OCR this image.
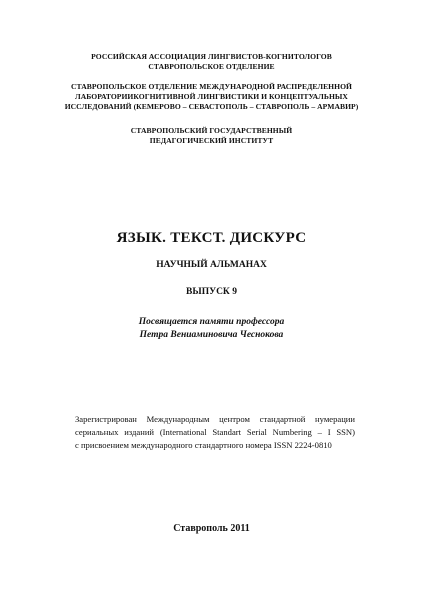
РОССИЙСКАЯ АССОЦИАЦИЯ ЛИНГВИСТОВ-КОГНИТОЛОГОВ
СТАВРОПОЛЬСКОЕ ОТДЕЛЕНИЕ
СТАВРОПОЛЬСКОЕ ОТДЕЛЕНИЕ МЕЖДУНАРОДНОЙ РАСПРЕДЕЛЕННОЙ
ЛАБОРАТОРИИКОГНИТИВНОЙ ЛИНГВИСТИКИ И КОНЦЕПТУАЛЬНЫХ
ИССЛЕДОВАНИЙ (КЕМЕРОВО – СЕВАСТОПОЛЬ – СТАВРОПОЛЬ – АРМАВИР)
СТАВРОПОЛЬСКИЙ ГОСУДАРСТВЕННЫЙ
ПЕДАГОГИЧЕСКИЙ ИНСТИТУТ
ЯЗЫК. ТЕКСТ. ДИСКУРС
НАУЧНЫЙ АЛЬМАНАХ
ВЫПУСК 9
Посвящается памяти профессора
Петра Вениаминовича Чеснокова
Зарегистрирован Международным центром стандартной нумерации
сериальных изданий (International Standart Serial Numbering – I SSN)
с присвоением международного стандартного номера ISSN 2224-0810
Ставрополь 2011
